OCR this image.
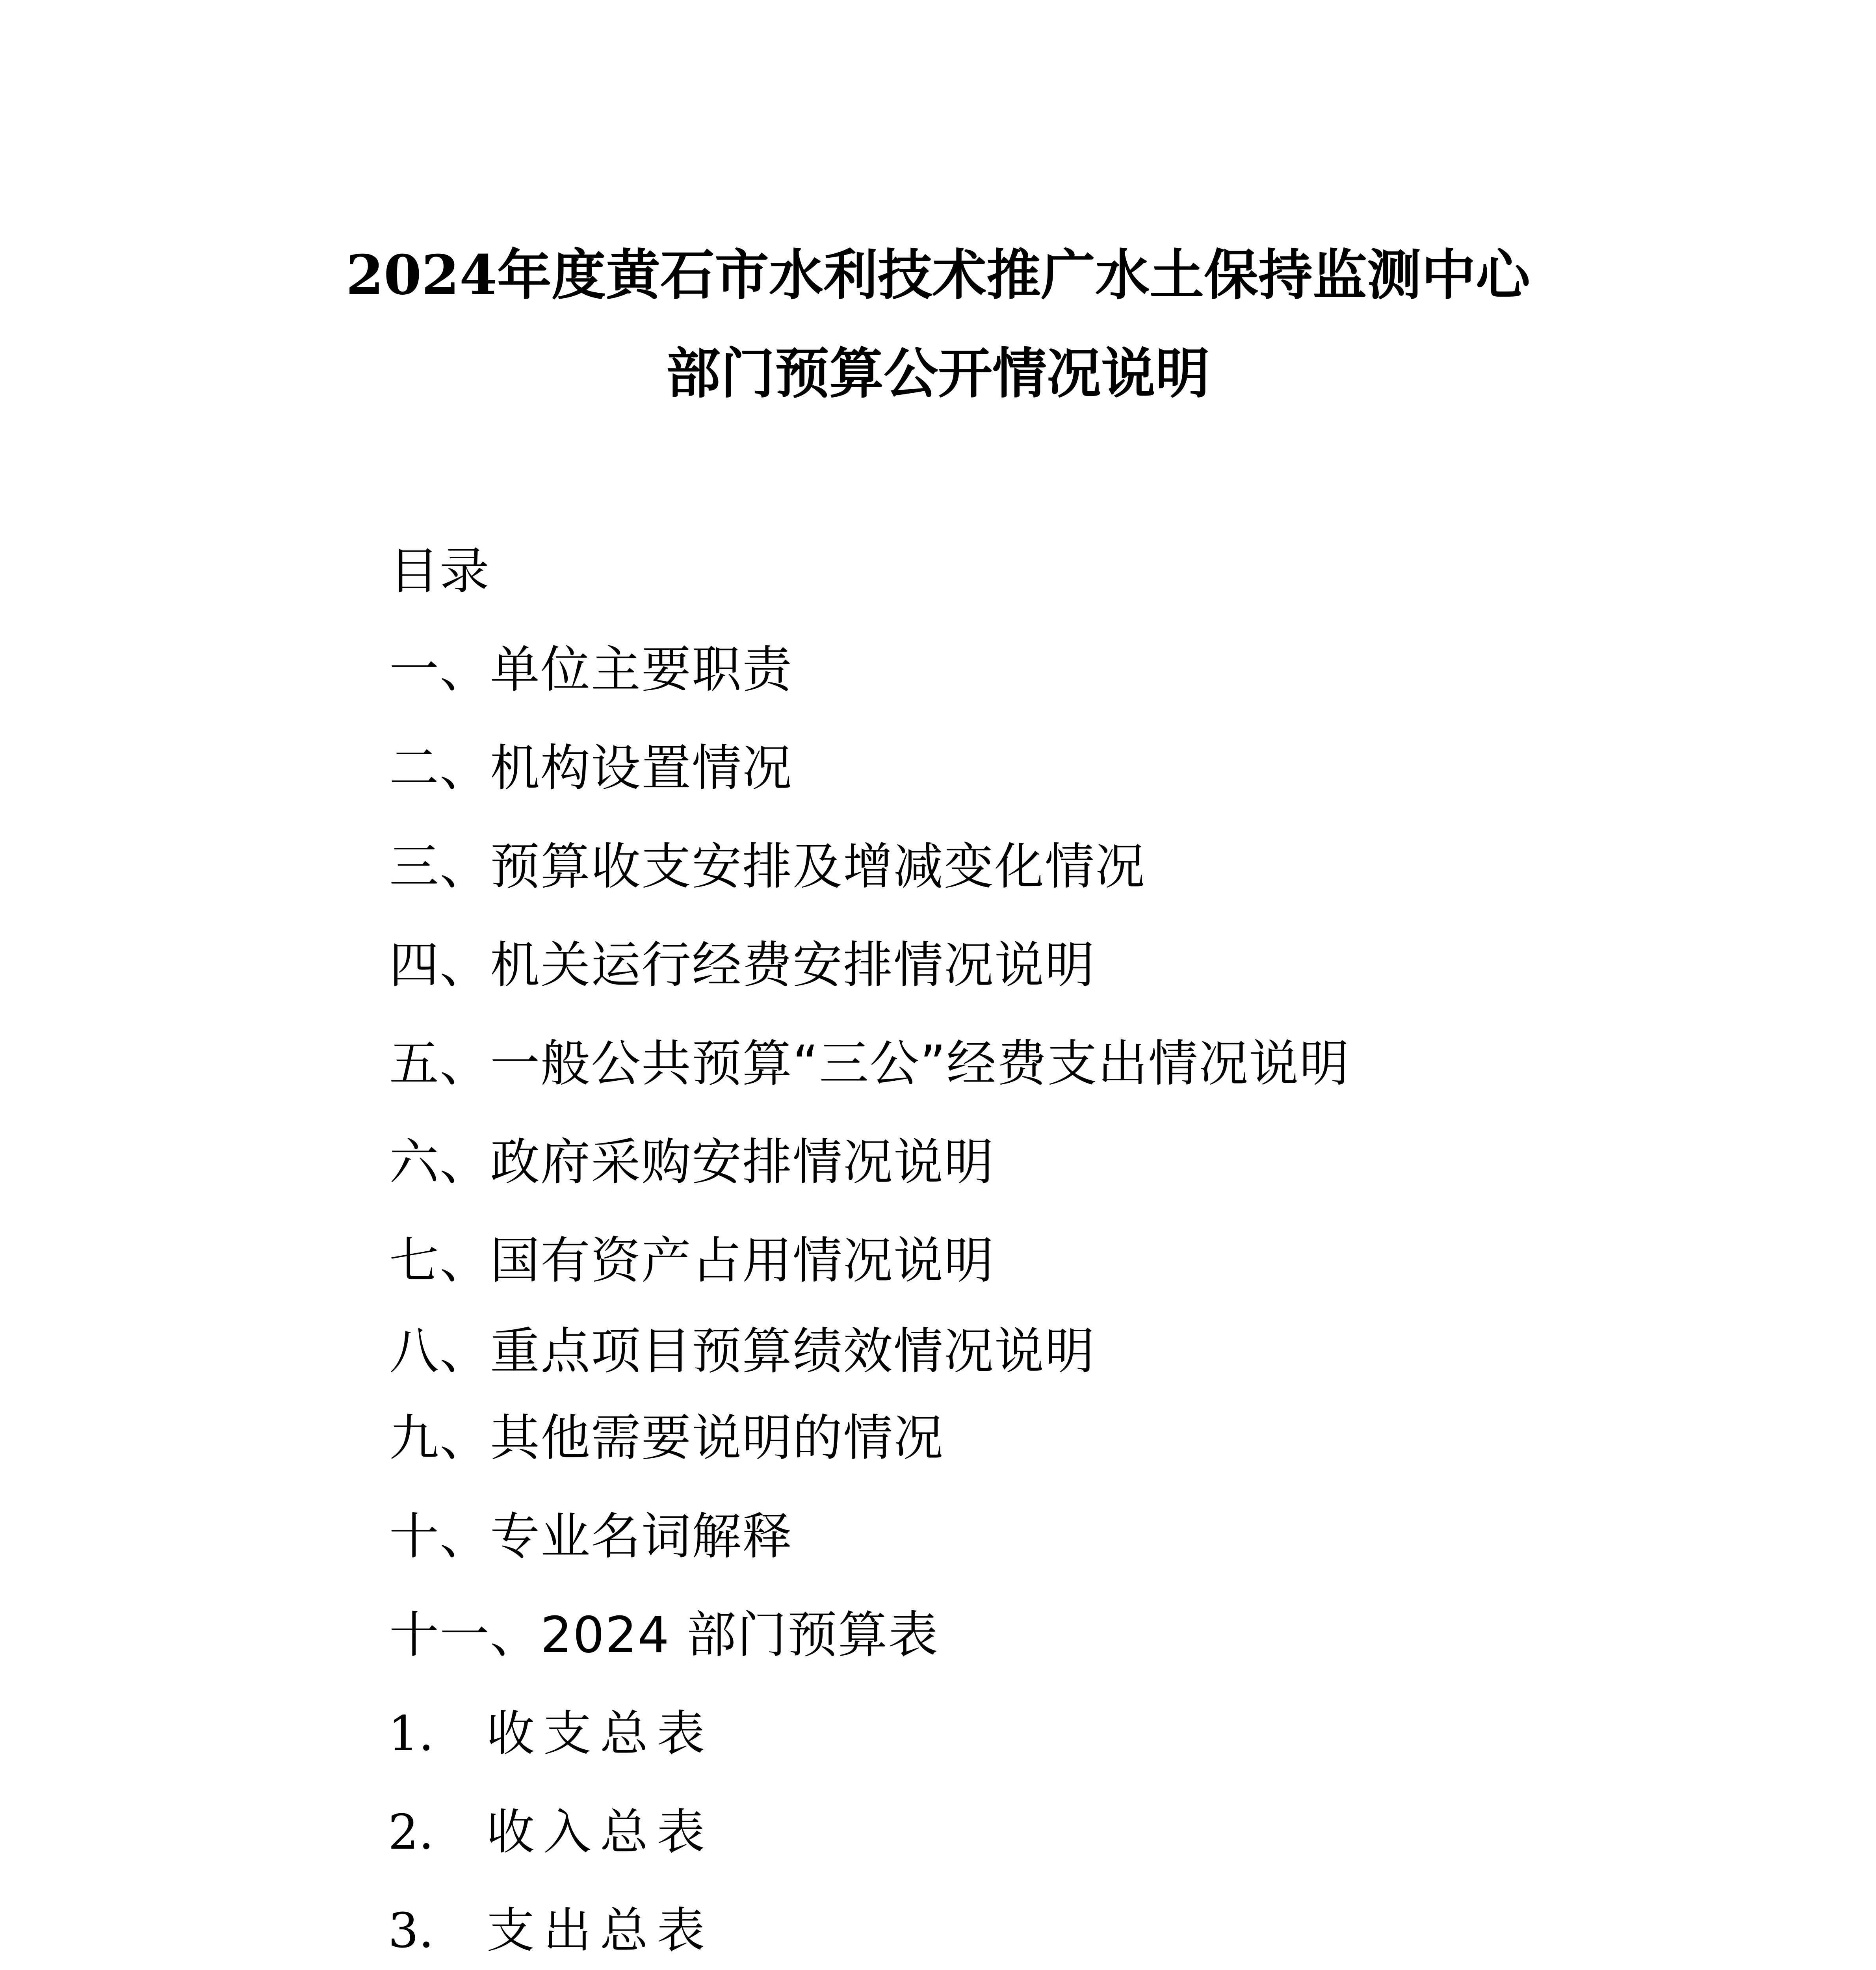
2024年度黄石市水利技术推广水土保持监测中心
部门预算公开情况说明
目录
一、单位主要职责
二、机构设置情况
三、预算收支安排及增减变化情况
四、机关运行经费安排情况说明
五、一般公共预算“三公”经费支出情况说明
六、政府采购安排情况说明
七、国有资产占用情况说明
八、重点项目预算绩效情况说明
九、其他需要说明的情况
十、专业名词解释
十一、2024 部门预算表
1. 收支总表
2. 收入总表
3. 支出总表
